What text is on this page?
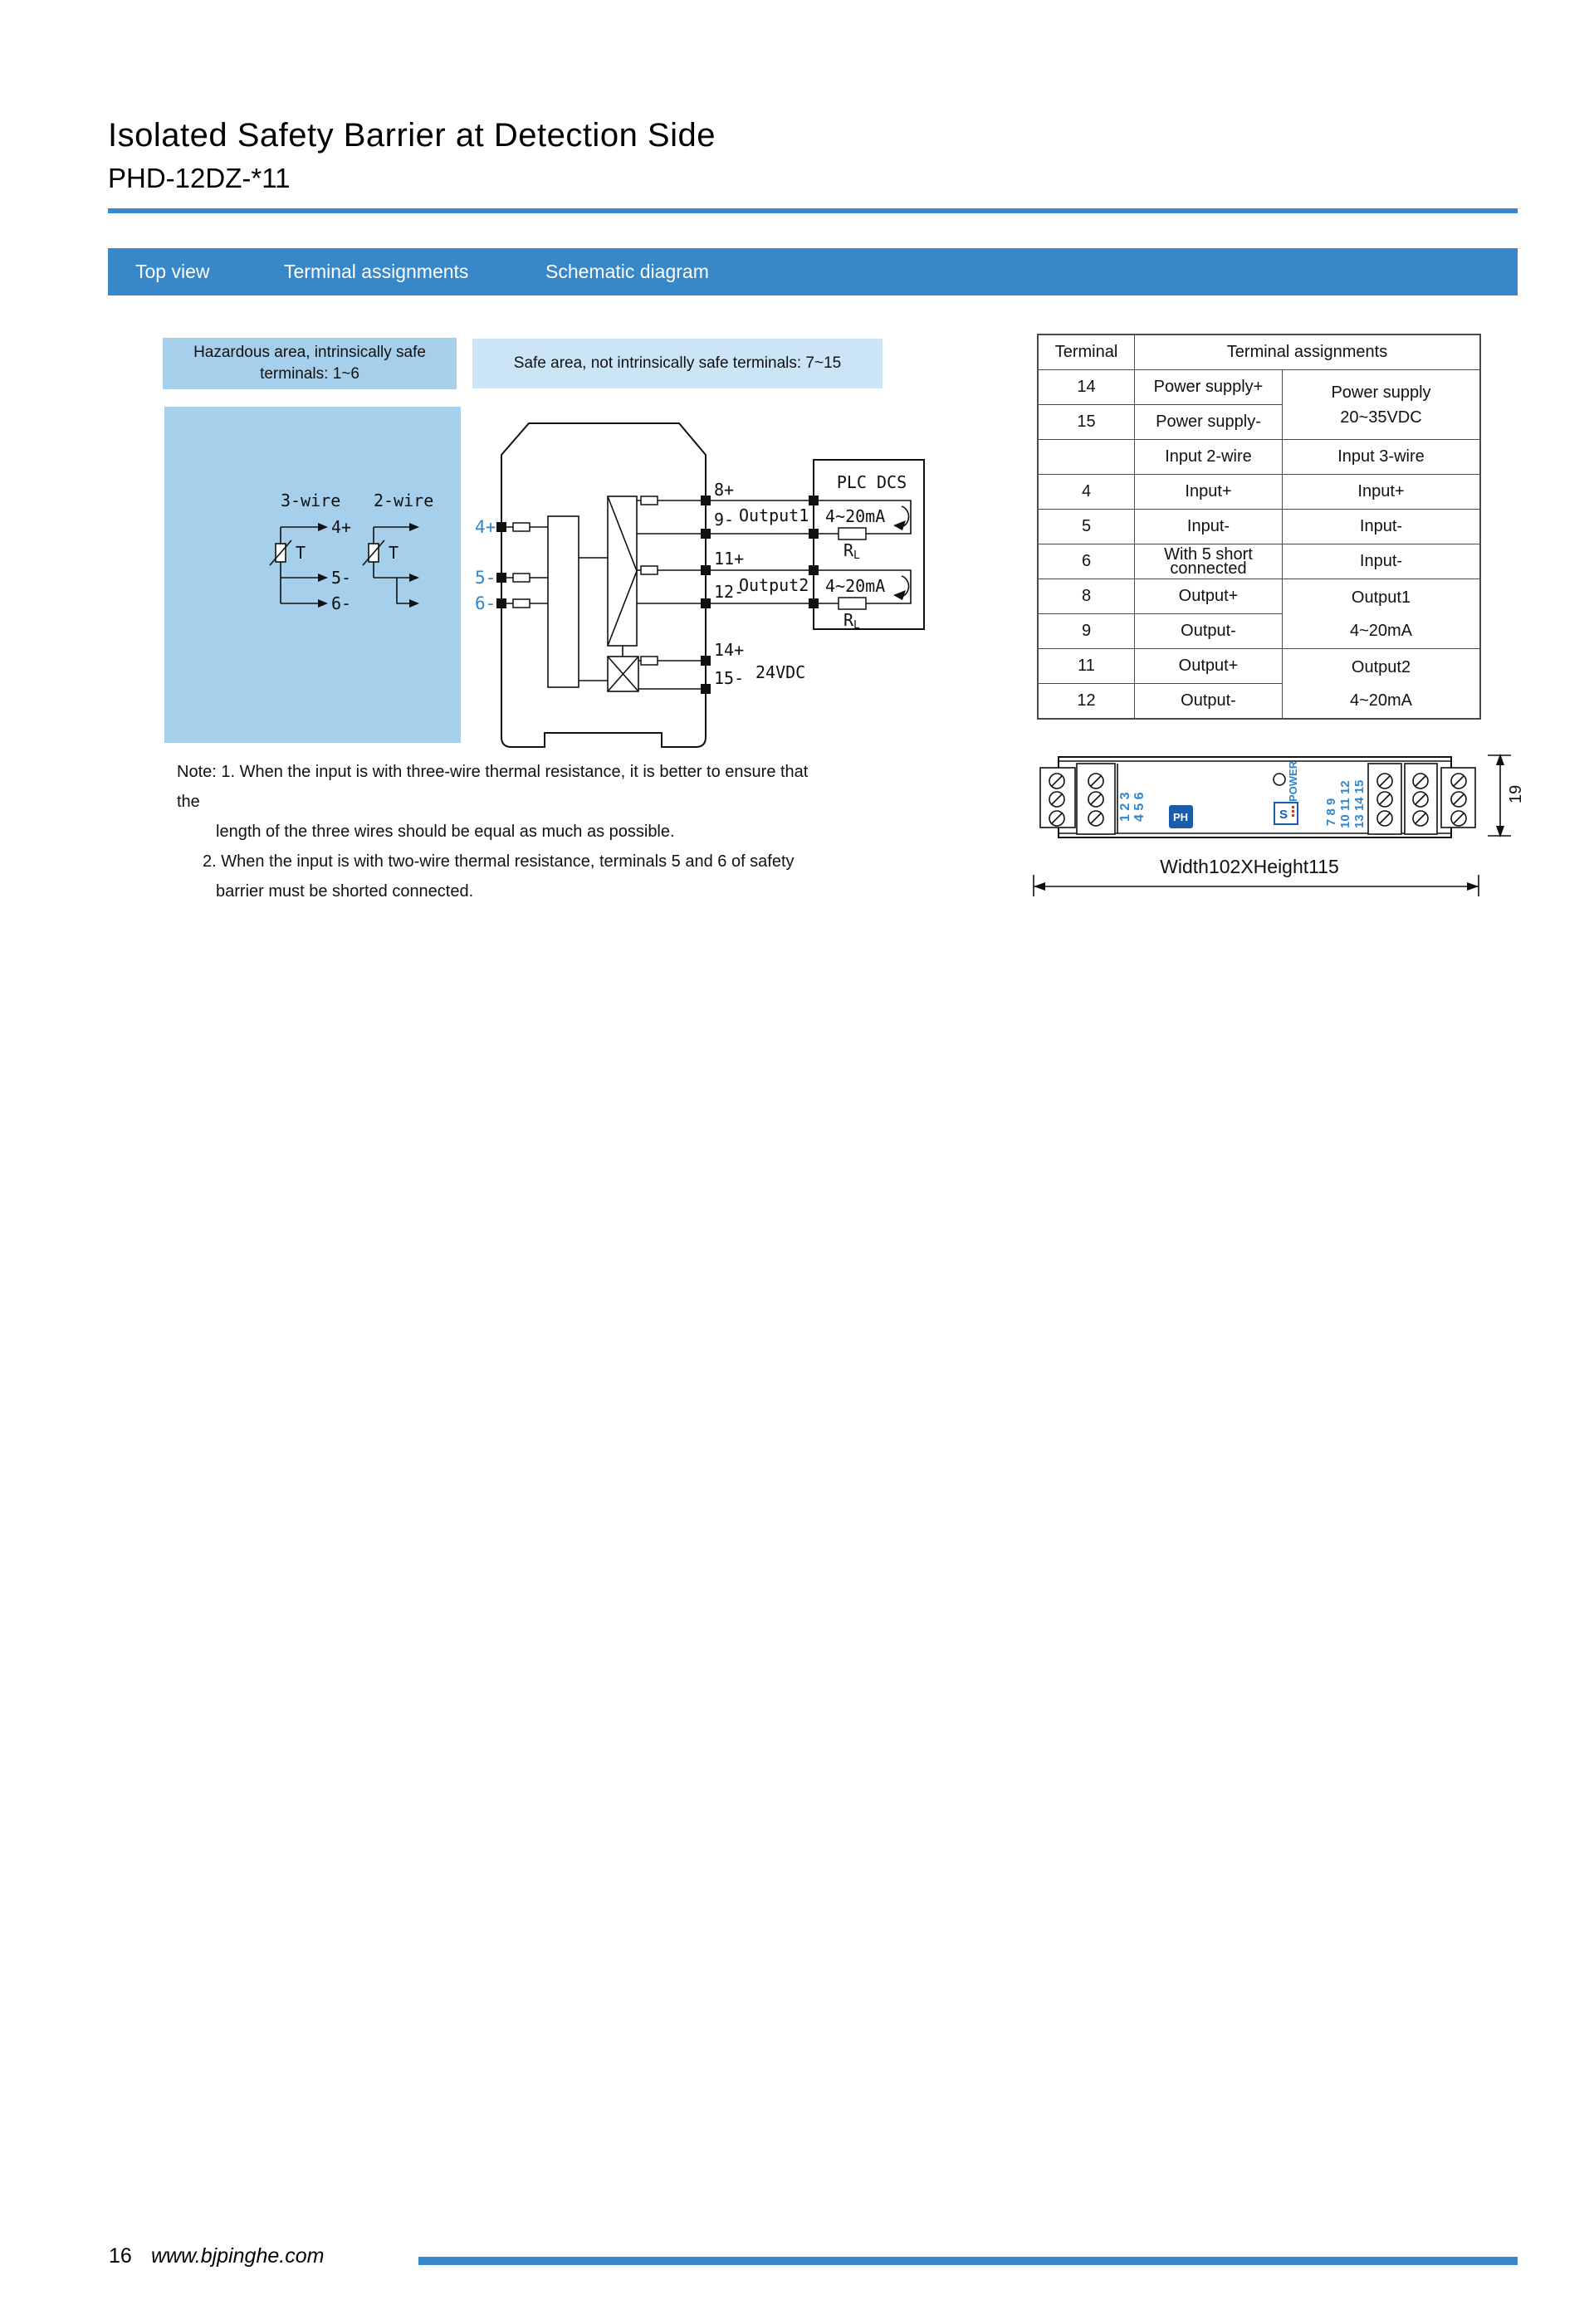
Isolated Safety Barrier at Detection Side
PHD-12DZ-*11
Top view	Terminal assignments	Schematic diagram
Hazardous area, intrinsically safe
terminals: 1~6
Safe area, not intrinsically safe terminals: 7~15
3-wire
T
4+
5-
6-
2-wire
T
4+
5-
6-
8+
9-
11+
12-
14+
15-
Output1
Output2
24VDC
PLC DCS
4~20mA
RL
4~20mA
RL
Terminal	Terminal assignments	
14	Power supply+	Power supply
20~35VDC

15	Power supply-	
	Input 2-wire	Input 3-wire
4	Input+	Input+
5	Input-	Input-
6	With 5 short
connected	Input-
8	Output+	Output1
4~20mA

9	Output-	
11	Output+	Output2
4~20mA

12	Output-	
1 2 3 4 5 6 PH
POWER
S	7 8 9 10 11 12 13 14 15	19
Width102XHeight115
Note: 1. When the input is with three-wire thermal resistance, it is better to ensure that the
length of the three wires should be equal as much as possible.
2. When the input is with two-wire thermal resistance, terminals 5 and 6 of safety
barrier must be shorted connected.
16 www.bjpinghe.com
